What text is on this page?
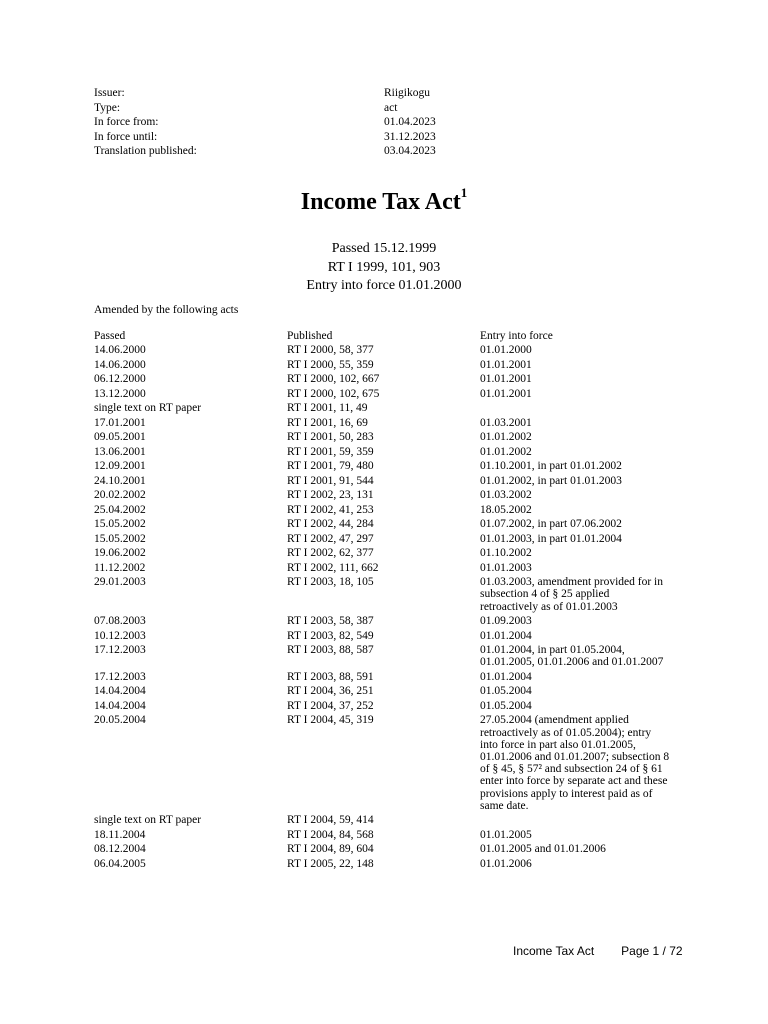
Issuer:	Riigikogu
Type:	act
In force from:	01.04.2023
In force until:	31.12.2023
Translation published:	03.04.2023
Income Tax Act$^1$
Passed 15.12.1999
RT I 1999, 101, 903
Entry into force 01.01.2000
Amended by the following acts
Passed	Published	Entry into force
14.06.2000	RT I 2000, 58, 377	01.01.2000
14.06.2000	RT I 2000, 55, 359	01.01.2001
06.12.2000	RT I 2000, 102, 667	01.01.2001
13.12.2000	RT I 2000, 102, 675	01.01.2001
single text on RT paper	RT I 2001, 11, 49	
17.01.2001	RT I 2001, 16, 69	01.03.2001
09.05.2001	RT I 2001, 50, 283	01.01.2002
13.06.2001	RT I 2001, 59, 359	01.01.2002
12.09.2001	RT I 2001, 79, 480	01.10.2001, in part 01.01.2002
24.10.2001	RT I 2001, 91, 544	01.01.2002, in part 01.01.2003
20.02.2002	RT I 2002, 23, 131	01.03.2002
25.04.2002	RT I 2002, 41, 253	18.05.2002
15.05.2002	RT I 2002, 44, 284	01.07.2002, in part 07.06.2002
15.05.2002	RT I 2002, 47, 297	01.01.2003, in part 01.01.2004
19.06.2002	RT I 2002, 62, 377	01.10.2002
11.12.2002	RT I 2002, 111, 662	01.01.2003
29.01.2003	RT I 2003, 18, 105	01.03.2003, amendment provided for in subsection 4 of § 25 applied retroactively as of 01.01.2003
07.08.2003	RT I 2003, 58, 387	01.09.2003
10.12.2003	RT I 2003, 82, 549	01.01.2004
17.12.2003	RT I 2003, 88, 587	01.01.2004, in part 01.05.2004, 01.01.2005, 01.01.2006 and 01.01.2007
17.12.2003	RT I 2003, 88, 591	01.01.2004
14.04.2004	RT I 2004, 36, 251	01.05.2004
14.04.2004	RT I 2004, 37, 252	01.05.2004
20.05.2004	RT I 2004, 45, 319	27.05.2004 (amendment applied retroactively as of 01.05.2004); entry into force in part also 01.01.2005, 01.01.2006 and 01.01.2007; subsection 8 of § 45, § 57² and subsection 24 of § 61 enter into force by separate act and these provisions apply to interest paid as of same date.
single text on RT paper	RT I 2004, 59, 414	
18.11.2004	RT I 2004, 84, 568	01.01.2005
08.12.2004	RT I 2004, 89, 604	01.01.2005 and 01.01.2006
06.04.2005	RT I 2005, 22, 148	01.01.2006
Income Tax Act Page 1 / 72
